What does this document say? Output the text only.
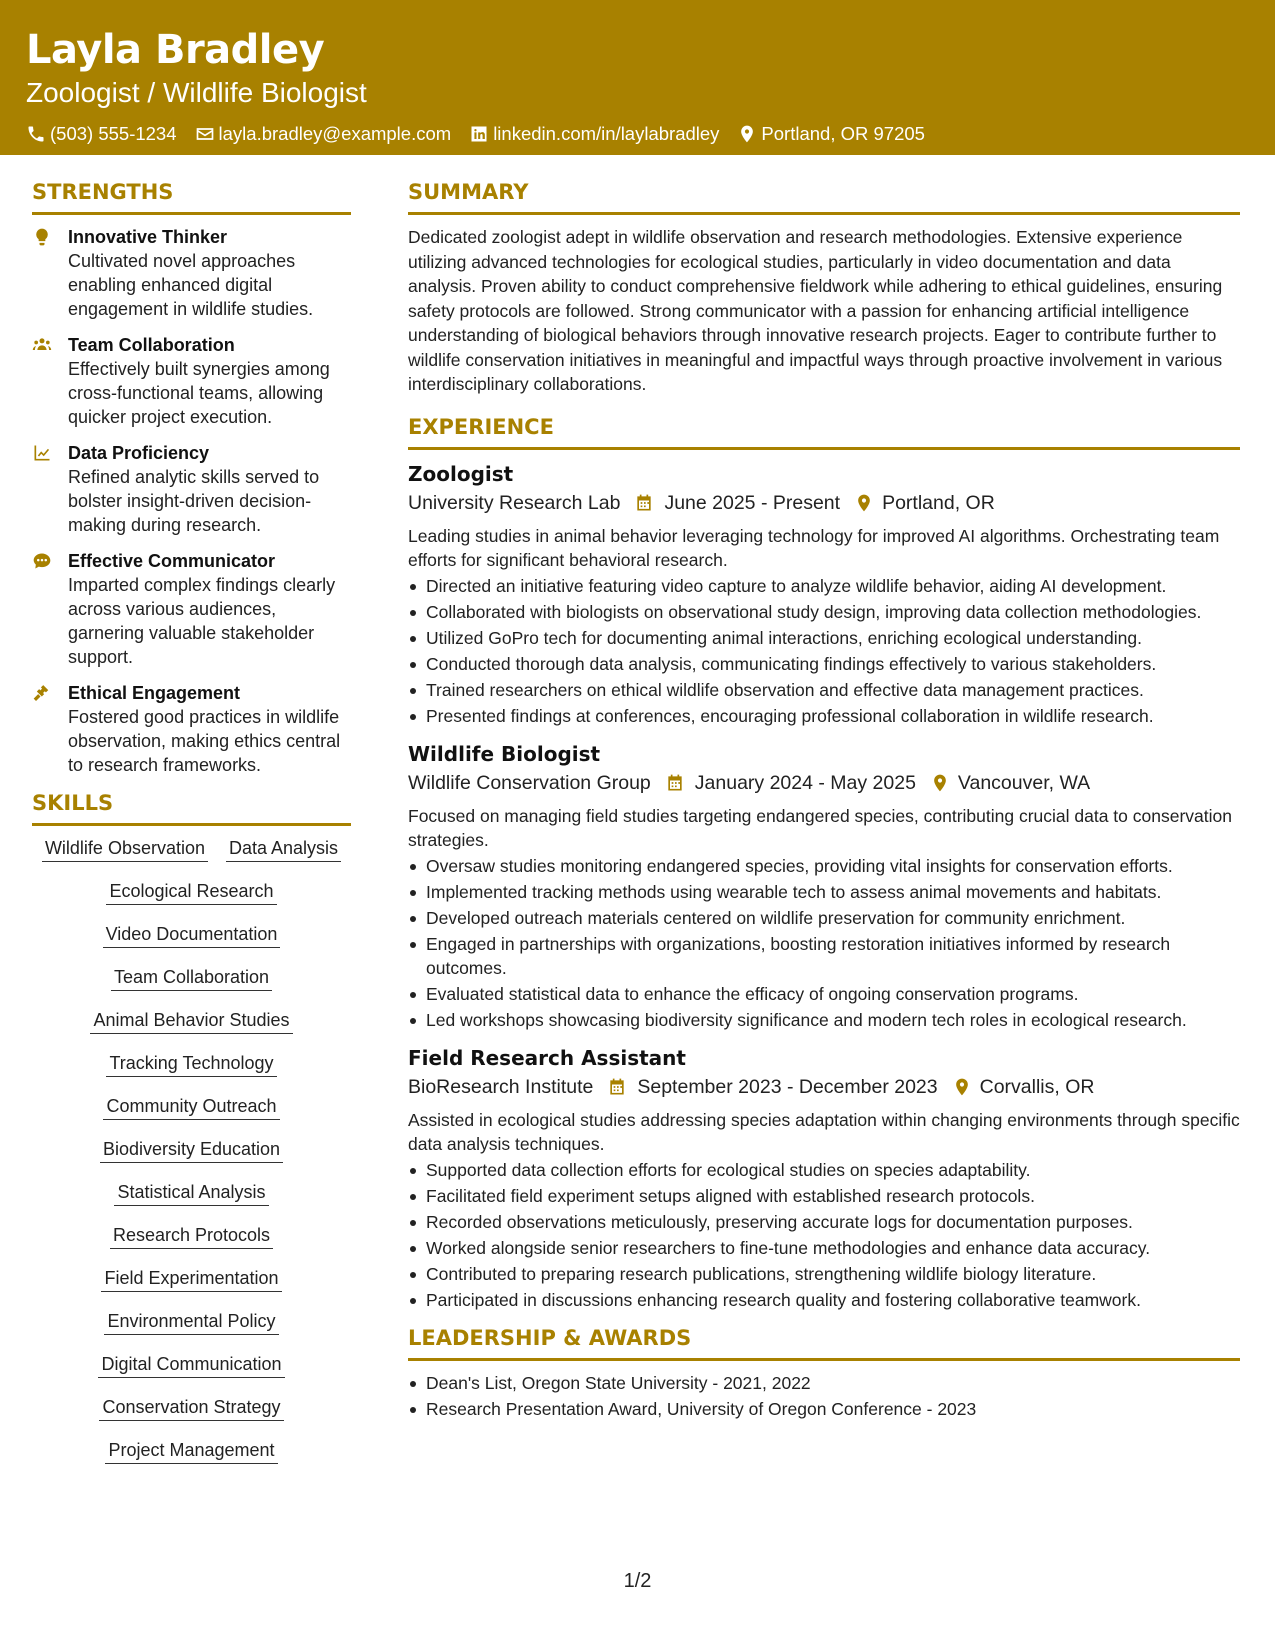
Layla Bradley
Zoologist / Wildlife Biologist
(503) 555-1234 layla.bradley@example.com linkedin.com/in/laylabradley Portland, OR 97205
STRENGTHS
Innovative Thinker
Cultivated novel approaches enabling enhanced digital engagement in wildlife studies.
Team Collaboration
Effectively built synergies among cross-functional teams, allowing quicker project execution.
Data Proficiency
Refined analytic skills served to bolster insight-driven decision-making during research.
Effective Communicator
Imparted complex findings clearly across various audiences, garnering valuable stakeholder support.
Ethical Engagement
Fostered good practices in wildlife observation, making ethics central to research frameworks.
SKILLS
Wildlife Observation Data Analysis
Ecological Research
Video Documentation
Team Collaboration
Animal Behavior Studies
Tracking Technology
Community Outreach
Biodiversity Education
Statistical Analysis
Research Protocols
Field Experimentation
Environmental Policy
Digital Communication
Conservation Strategy
Project Management
SUMMARY
Dedicated zoologist adept in wildlife observation and research methodologies. Extensive experience utilizing advanced technologies for ecological studies, particularly in video documentation and data analysis. Proven ability to conduct comprehensive fieldwork while adhering to ethical guidelines, ensuring safety protocols are followed. Strong communicator with a passion for enhancing artificial intelligence understanding of biological behaviors through innovative research projects. Eager to contribute further to wildlife conservation initiatives in meaningful and impactful ways through proactive involvement in various interdisciplinary collaborations.
EXPERIENCE
Zoologist
University Research Lab June 2025 - Present Portland, OR
Leading studies in animal behavior leveraging technology for improved AI algorithms. Orchestrating team efforts for significant behavioral research.
Directed an initiative featuring video capture to analyze wildlife behavior, aiding AI development.
Collaborated with biologists on observational study design, improving data collection methodologies.
Utilized GoPro tech for documenting animal interactions, enriching ecological understanding.
Conducted thorough data analysis, communicating findings effectively to various stakeholders.
Trained researchers on ethical wildlife observation and effective data management practices.
Presented findings at conferences, encouraging professional collaboration in wildlife research.
Wildlife Biologist
Wildlife Conservation Group January 2024 - May 2025 Vancouver, WA
Focused on managing field studies targeting endangered species, contributing crucial data to conservation strategies.
Oversaw studies monitoring endangered species, providing vital insights for conservation efforts.
Implemented tracking methods using wearable tech to assess animal movements and habitats.
Developed outreach materials centered on wildlife preservation for community enrichment.
Engaged in partnerships with organizations, boosting restoration initiatives informed by research outcomes.
Evaluated statistical data to enhance the efficacy of ongoing conservation programs.
Led workshops showcasing biodiversity significance and modern tech roles in ecological research.
Field Research Assistant
BioResearch Institute September 2023 - December 2023 Corvallis, OR
Assisted in ecological studies addressing species adaptation within changing environments through specific data analysis techniques.
Supported data collection efforts for ecological studies on species adaptability.
Facilitated field experiment setups aligned with established research protocols.
Recorded observations meticulously, preserving accurate logs for documentation purposes.
Worked alongside senior researchers to fine-tune methodologies and enhance data accuracy.
Contributed to preparing research publications, strengthening wildlife biology literature.
Participated in discussions enhancing research quality and fostering collaborative teamwork.
LEADERSHIP & AWARDS
Dean's List, Oregon State University - 2021, 2022
Research Presentation Award, University of Oregon Conference - 2023
1/2
